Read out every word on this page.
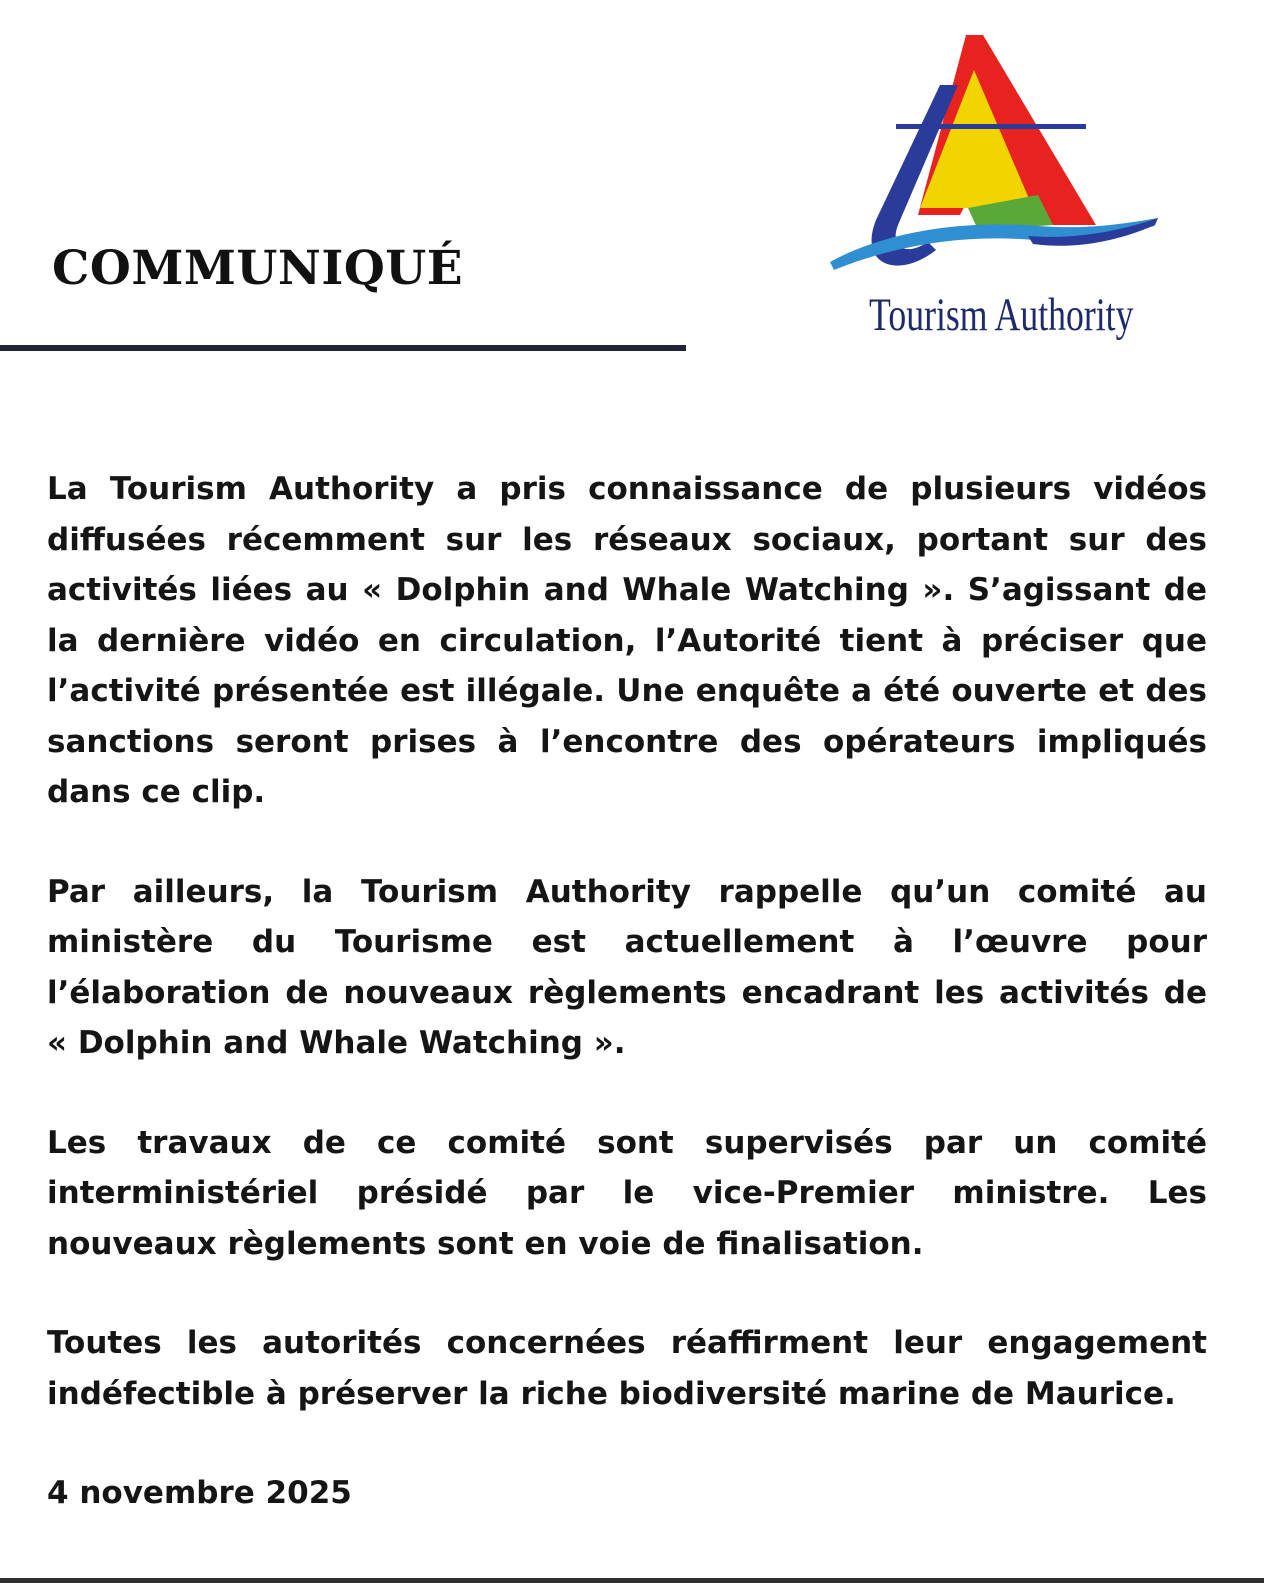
COMMUNIQUÉ
Tourism Authority

La Tourism Authority a pris connaissance de plusieurs vidéos diffusées récemment sur les réseaux sociaux, portant sur des activités liées au « Dolphin and Whale Watching ». S’agissant de la dernière vidéo en circulation, l’Autorité tient à préciser que l’activité présentée est illégale. Une enquête a été ouverte et des sanctions seront prises à l’encontre des opérateurs impliqués dans ce clip.

Par ailleurs, la Tourism Authority rappelle qu’un comité au ministère du Tourisme est actuellement à l’œuvre pour l’élaboration de nouveaux règlements encadrant les activités de « Dolphin and Whale Watching ».

Les travaux de ce comité sont supervisés par un comité interministériel présidé par le vice-Premier ministre. Les nouveaux règlements sont en voie de finalisation.

Toutes les autorités concernées réaffirment leur engagement indéfectible à préserver la riche biodiversité marine de Maurice.

4 novembre 2025
